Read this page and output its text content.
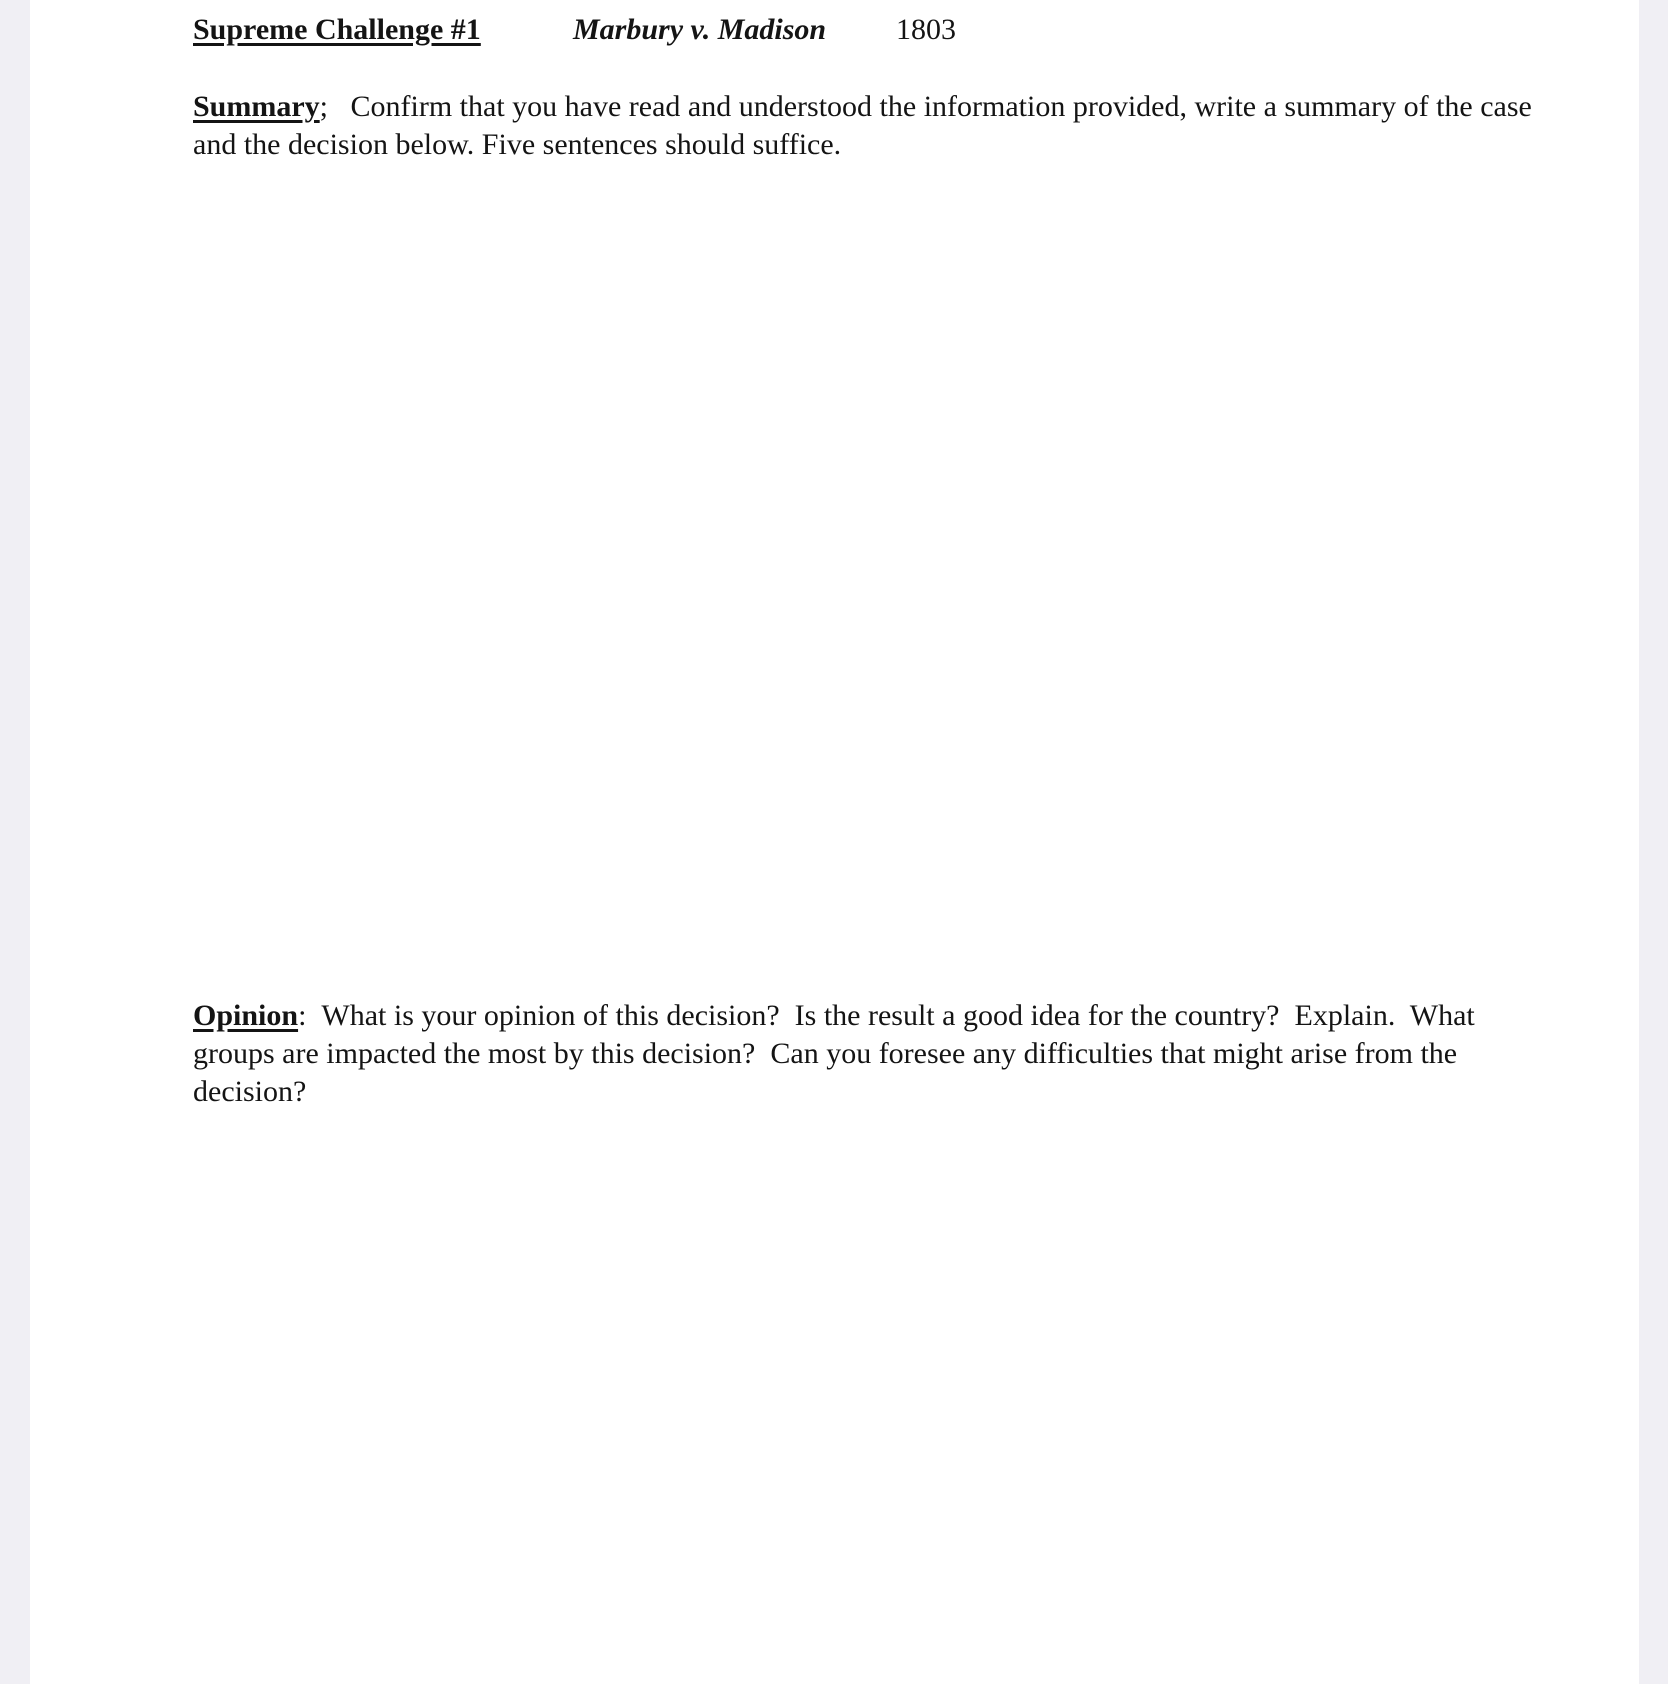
Supreme Challenge #1	Marbury v. Madison 1803
Summary; Confirm that you have read and understood the information provided, write a summary of the case and the decision below. Five sentences should suffice.
Opinion: What is your opinion of this decision?  Is the result a good idea for the country?  Explain.  What groups are impacted the most by this decision?  Can you foresee any difficulties that might arise from the decision?
